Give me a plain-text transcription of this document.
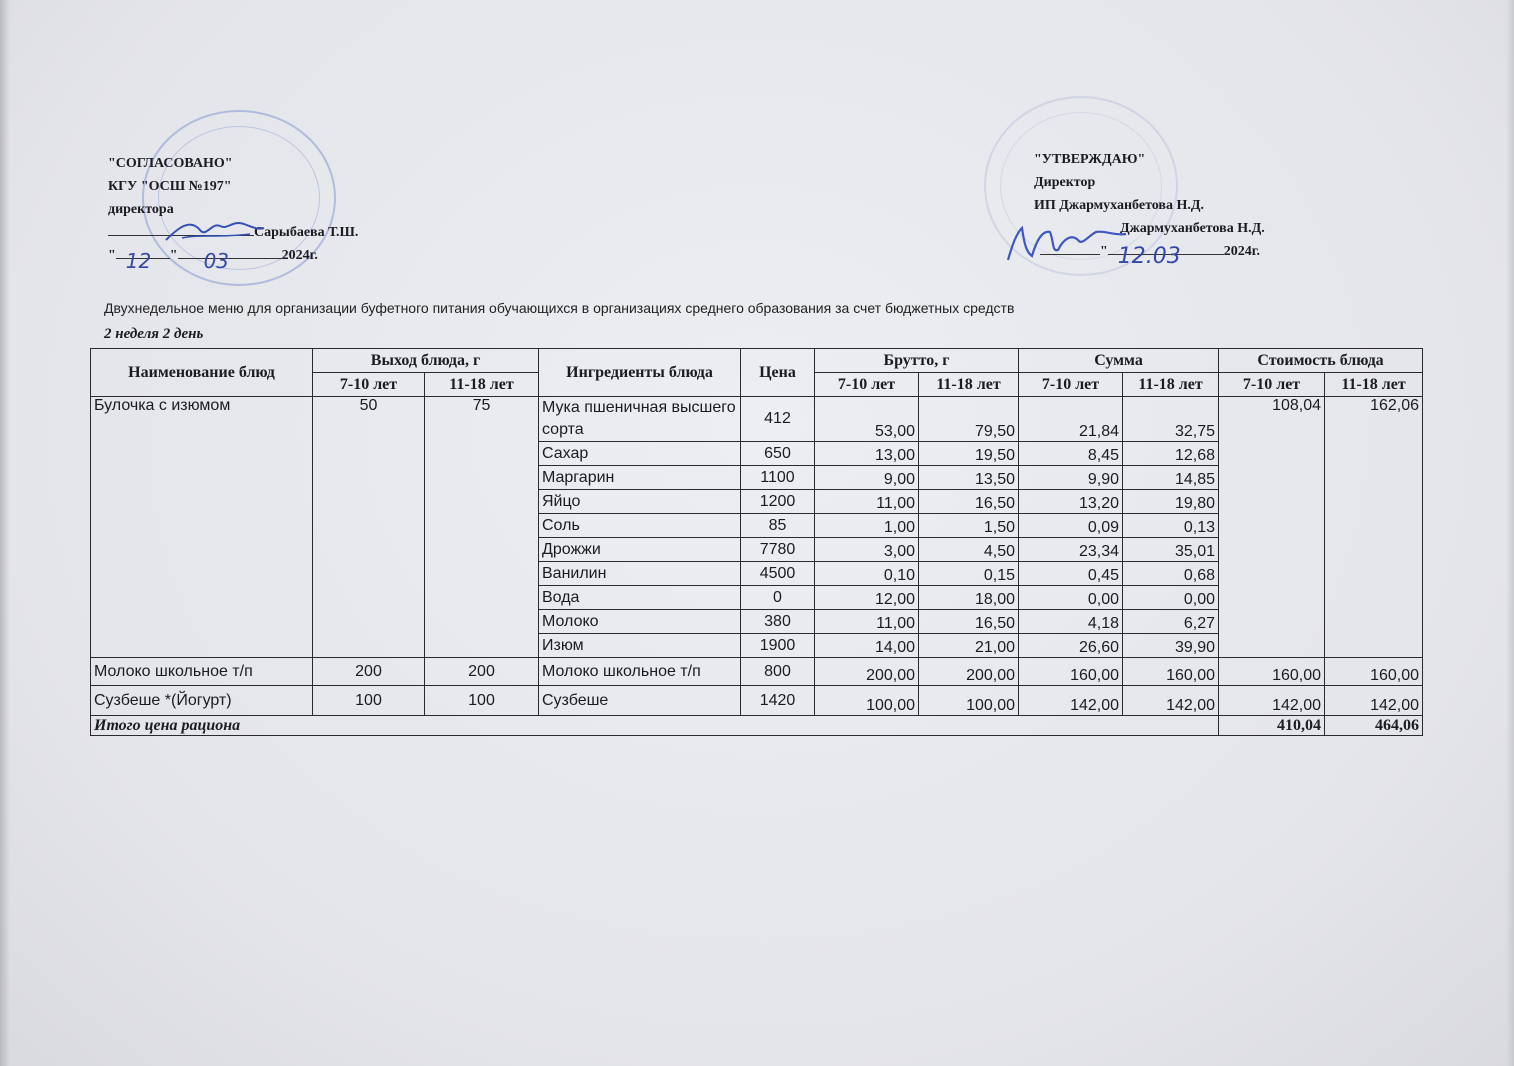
"СОГЛАСОВАНО"
КГУ "ОСШ №197"
директора
Сарыбаева Т.Ш.
" 12 " 03	2024г.
"УТВЕРЖДАЮ"
Директор
ИП Джармуханбетова Н.Д.
Джармуханбетова Н.Д.
" 12.03	2024г.
Двухнедельное меню для организации буфетного питания обучающихся в организациях среднего образования за счет бюджетных средств
2 неделя 2 день
Наименование блюд	Выход блюда, г		Ингредиенты блюда	Цена	Брутто, г		Сумма		Стоимость блюда	
	7-10 лет	11-18 лет			7-10 лет	11-18 лет	7-10 лет	11-18 лет	7-10 лет	11-18 лет
Булочка с изюмом	50	75	Мука пшеничная высшего сорта	412	53,00	79,50	21,84	32,75	108,04	162,06
			Сахар	650	13,00	19,50	8,45	12,68		
			Маргарин	1100	9,00	13,50	9,90	14,85		
			Яйцо	1200	11,00	16,50	13,20	19,80		
			Соль	85	1,00	1,50	0,09	0,13		
			Дрожжи	7780	3,00	4,50	23,34	35,01		
			Ванилин	4500	0,10	0,15	0,45	0,68		
			Вода	0	12,00	18,00	0,00	0,00		
			Молоко	380	11,00	16,50	4,18	6,27		
			Изюм	1900	14,00	21,00	26,60	39,90		
Молоко школьное т/п	200	200	Молоко школьное т/п	800	200,00	200,00	160,00	160,00	160,00	160,00
Сузбеше *(Йогурт)	100	100	Сузбеше	1420	100,00	100,00	142,00	142,00	142,00	142,00
Итого цена рациона									410,04	464,06
